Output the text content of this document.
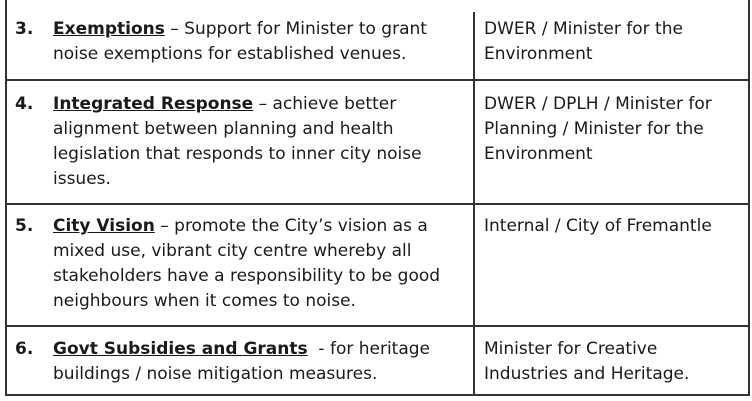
3.	Exemptions – Support for Minister to grant noise exemptions for established venues.
DWER / Minister for the Environment
4.	Integrated Response – achieve better alignment between planning and health legislation that responds to inner city noise issues.
DWER / DPLH / Minister for Planning / Minister for the Environment
5.	City Vision – promote the City’s vision as a mixed use, vibrant city centre whereby all stakeholders have a responsibility to be good neighbours when it comes to noise.
Internal / City of Fremantle
6.	Govt Subsidies and Grants  - for heritage buildings / noise mitigation measures.
Minister for Creative Industries and Heritage.
